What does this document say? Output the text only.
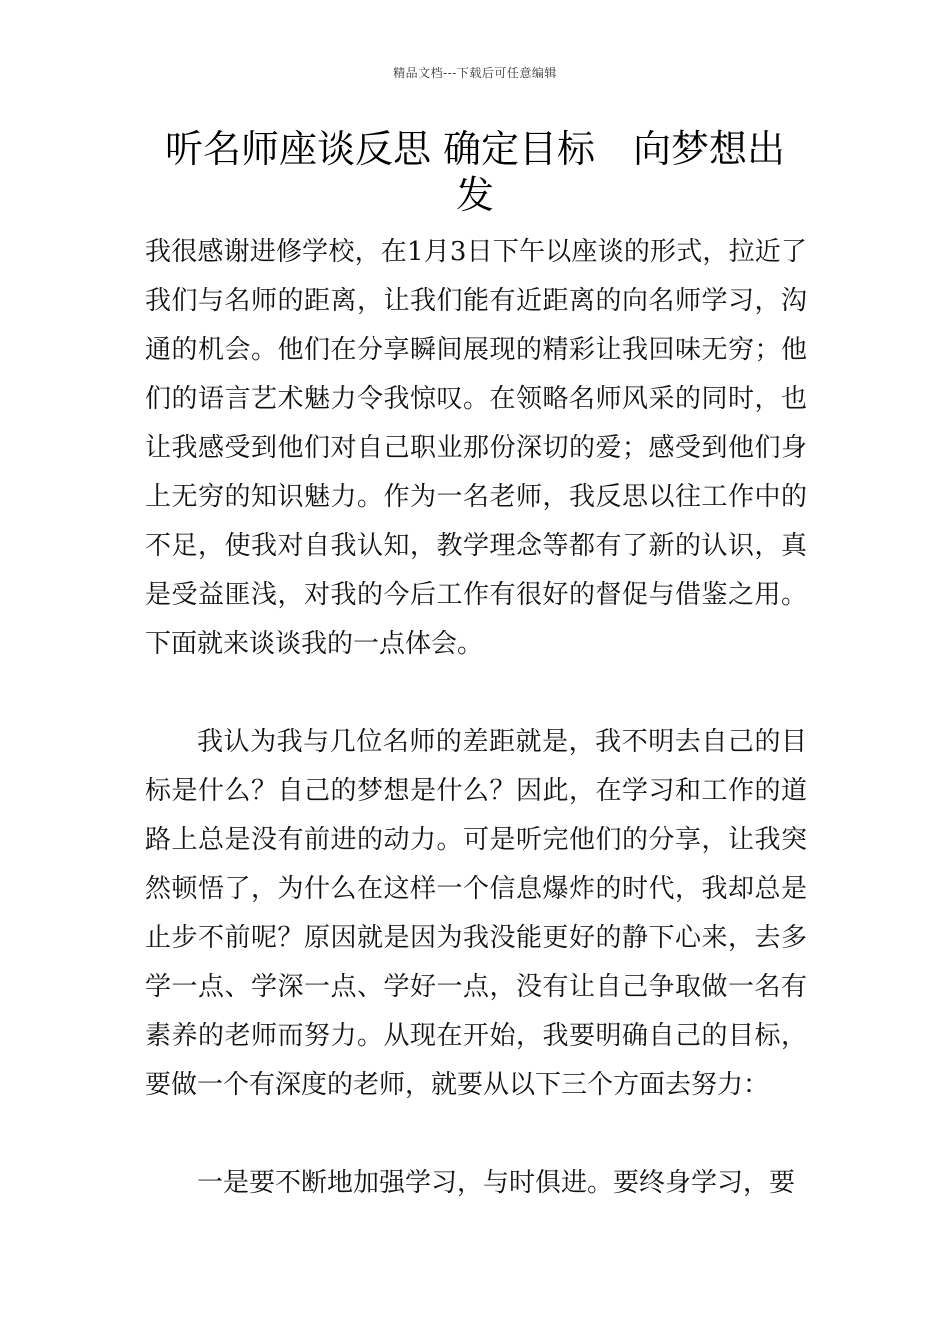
精品文档---下载后可任意编辑
听名师座谈反思 确定目标　向梦想出
发

我很感谢进修学校，在1月3日下午以座谈的形式，拉近了我们与名师的距离，让我们能有近距离的向名师学习，沟通的机会。他们在分享瞬间展现的精彩让我回味无穷；他们的语言艺术魅力令我惊叹。在领略名师风采的同时，也让我感受到他们对自己职业那份深切的爱；感受到他们身上无穷的知识魅力。作为一名老师，我反思以往工作中的不足，使我对自我认知，教学理念等都有了新的认识，真是受益匪浅，对我的今后工作有很好的督促与借鉴之用。下面就来谈谈我的一点体会。

我认为我与几位名师的差距就是，我不明去自己的目标是什么？自己的梦想是什么？因此，在学习和工作的道路上总是没有前进的动力。可是听完他们的分享，让我突然顿悟了，为什么在这样一个信息爆炸的时代，我却总是止步不前呢？原因就是因为我没能更好的静下心来，去多学一点、学深一点、学好一点，没有让自己争取做一名有素养的老师而努力。从现在开始，我要明确自己的目标，要做一个有深度的老师，就要从以下三个方面去努力：

一是要不断地加强学习，与时俱进。要终身学习，要
